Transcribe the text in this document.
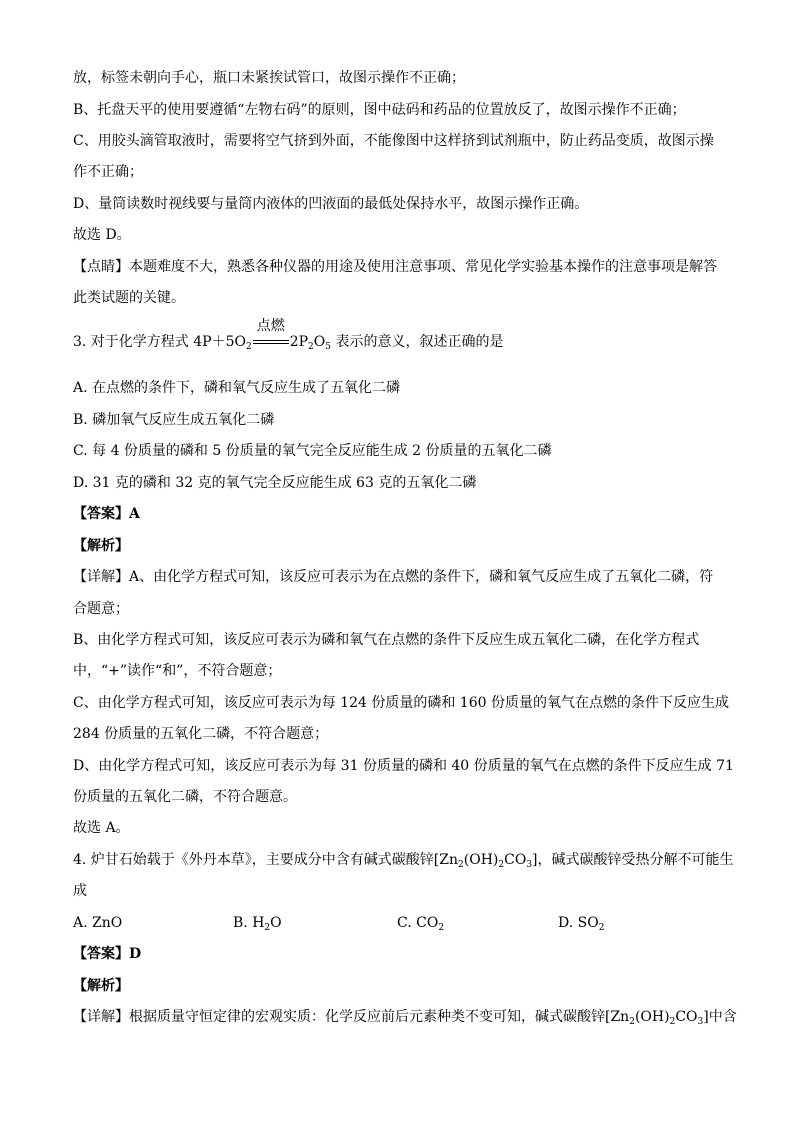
放，标签未朝向手心，瓶口未紧挨试管口，故图示操作不正确；
B、托盘天平的使用要遵循“左物右码”的原则，图中砝码和药品的位置放反了，故图示操作不正确；
C、用胶头滴管取液时，需要将空气挤到外面，不能像图中这样挤到试剂瓶中，防止药品变质，故图示操
作不正确；
D、量筒读数时视线要与量筒内液体的凹液面的最低处保持水平，故图示操作正确。
故选 D。
【点睛】本题难度不大，熟悉各种仪器的用途及使用注意事项、常见化学实验基本操作的注意事项是解答
此类试题的关键。
3. 对于化学方程式 $4P+5O_2$
点燃
$2P_2O_5$ 表示的意义，叙述正确的是
A. 在点燃的条件下，磷和氧气反应生成了五氧化二磷
B. 磷加氧气反应生成五氧化二磷
C. 每 4 份质量的磷和 5 份质量的氧气完全反应能生成 2 份质量的五氧化二磷
D. 31 克的磷和 32 克的氧气完全反应能生成 63 克的五氧化二磷
【答案】A
【解析】
【详解】A、由化学方程式可知，该反应可表示为在点燃的条件下，磷和氧气反应生成了五氧化二磷，符
合题意；
B、由化学方程式可知，该反应可表示为磷和氧气在点燃的条件下反应生成五氧化二磷，在化学方程式
中，“+”读作“和”，不符合题意；
C、由化学方程式可知，该反应可表示为每 124 份质量的磷和 160 份质量的氧气在点燃的条件下反应生成
284 份质量的五氧化二磷，不符合题意；
D、由化学方程式可知，该反应可表示为每 31 份质量的磷和 40 份质量的氧气在点燃的条件下反应生成 71
份质量的五氧化二磷，不符合题意。
故选 A。
4. 炉甘石始载于《外丹本草》，主要成分中含有碱式碳酸锌$[Zn_2(OH)_2CO_3]$，碱式碳酸锌受热分解不可能生
成
A. ZnO	B. $H_2O$	C. $CO_2$	D. $SO_2$
【答案】D
【解析】
【详解】根据质量守恒定律的宏观实质：化学反应前后元素种类不变可知，碱式碳酸锌$[Zn_2(OH)_2CO_3]$中含
